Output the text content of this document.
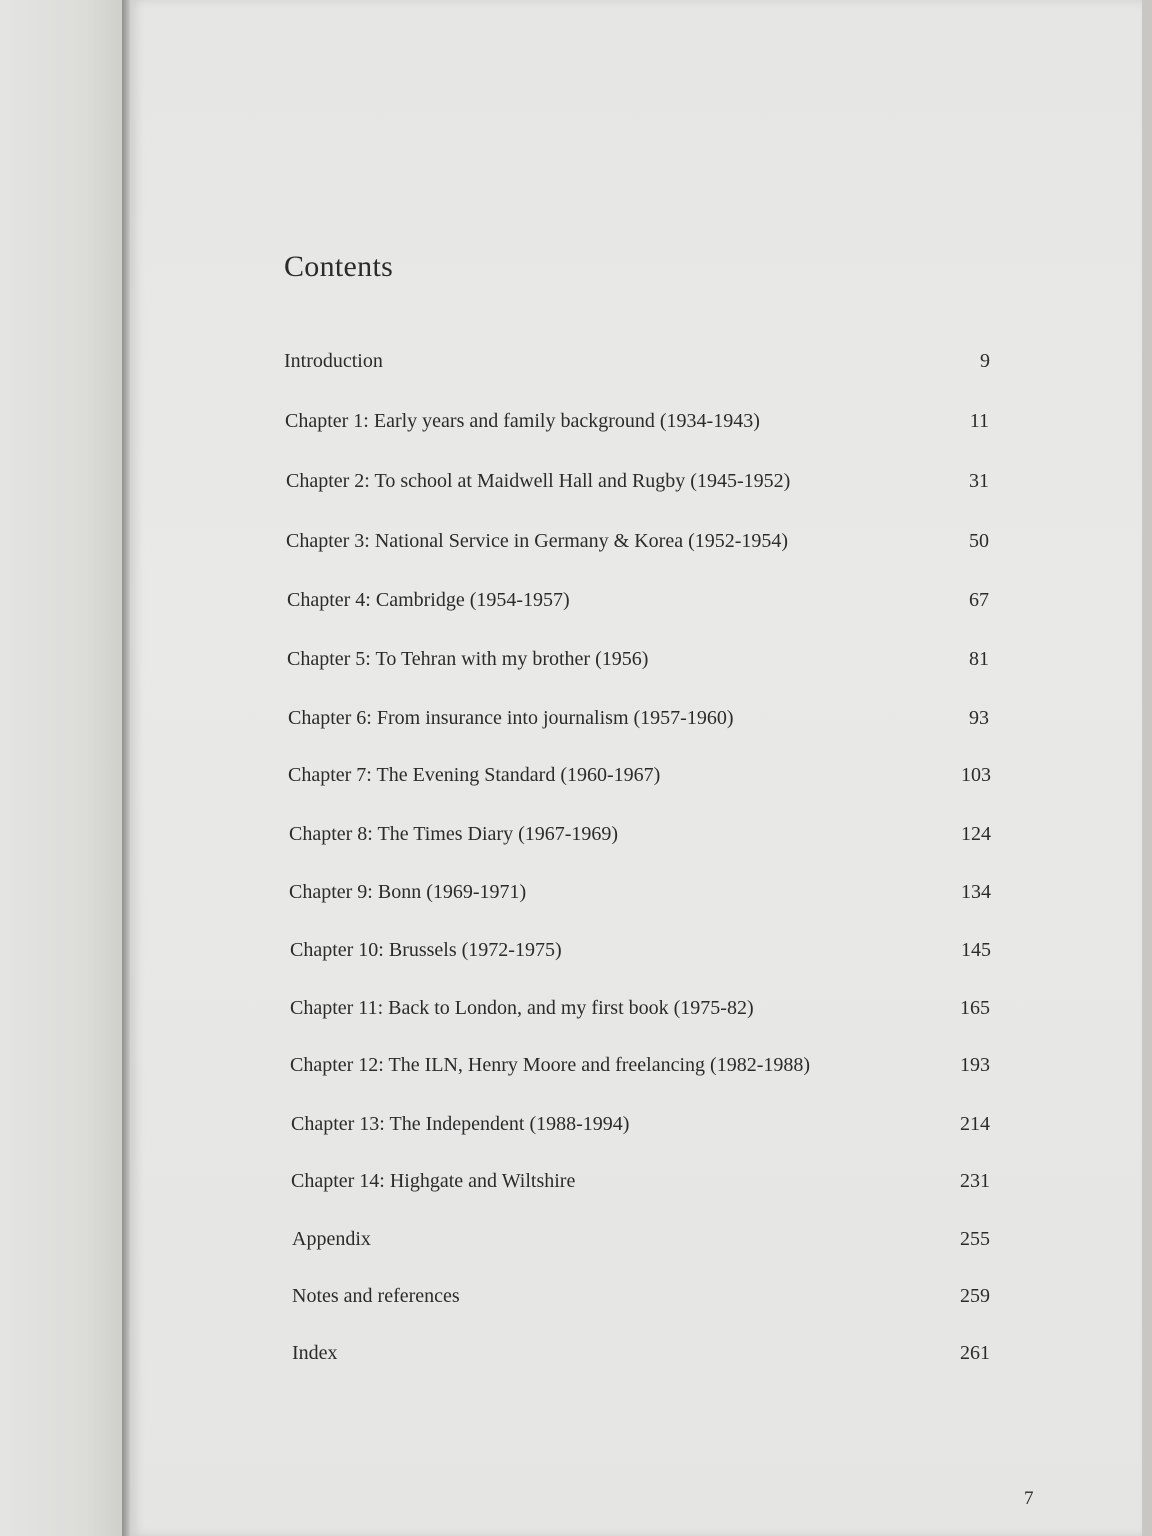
Contents
Introduction	9
Chapter 1: Early years and family background (1934-1943)	11
Chapter 2: To school at Maidwell Hall and Rugby (1945-1952)	31
Chapter 3: National Service in Germany & Korea (1952-1954)	50
Chapter 4: Cambridge (1954-1957)	67
Chapter 5: To Tehran with my brother (1956)	81
Chapter 6: From insurance into journalism (1957-1960)	93
Chapter 7: The Evening Standard (1960-1967)	103
Chapter 8: The Times Diary (1967-1969)	124
Chapter 9: Bonn (1969-1971)	134
Chapter 10: Brussels (1972-1975)	145
Chapter 11: Back to London, and my first book (1975-82)	165
Chapter 12: The ILN, Henry Moore and freelancing (1982-1988)	193
Chapter 13: The Independent (1988-1994)	214
Chapter 14: Highgate and Wiltshire	231
Appendix	255
Notes and references	259
Index	261
7
